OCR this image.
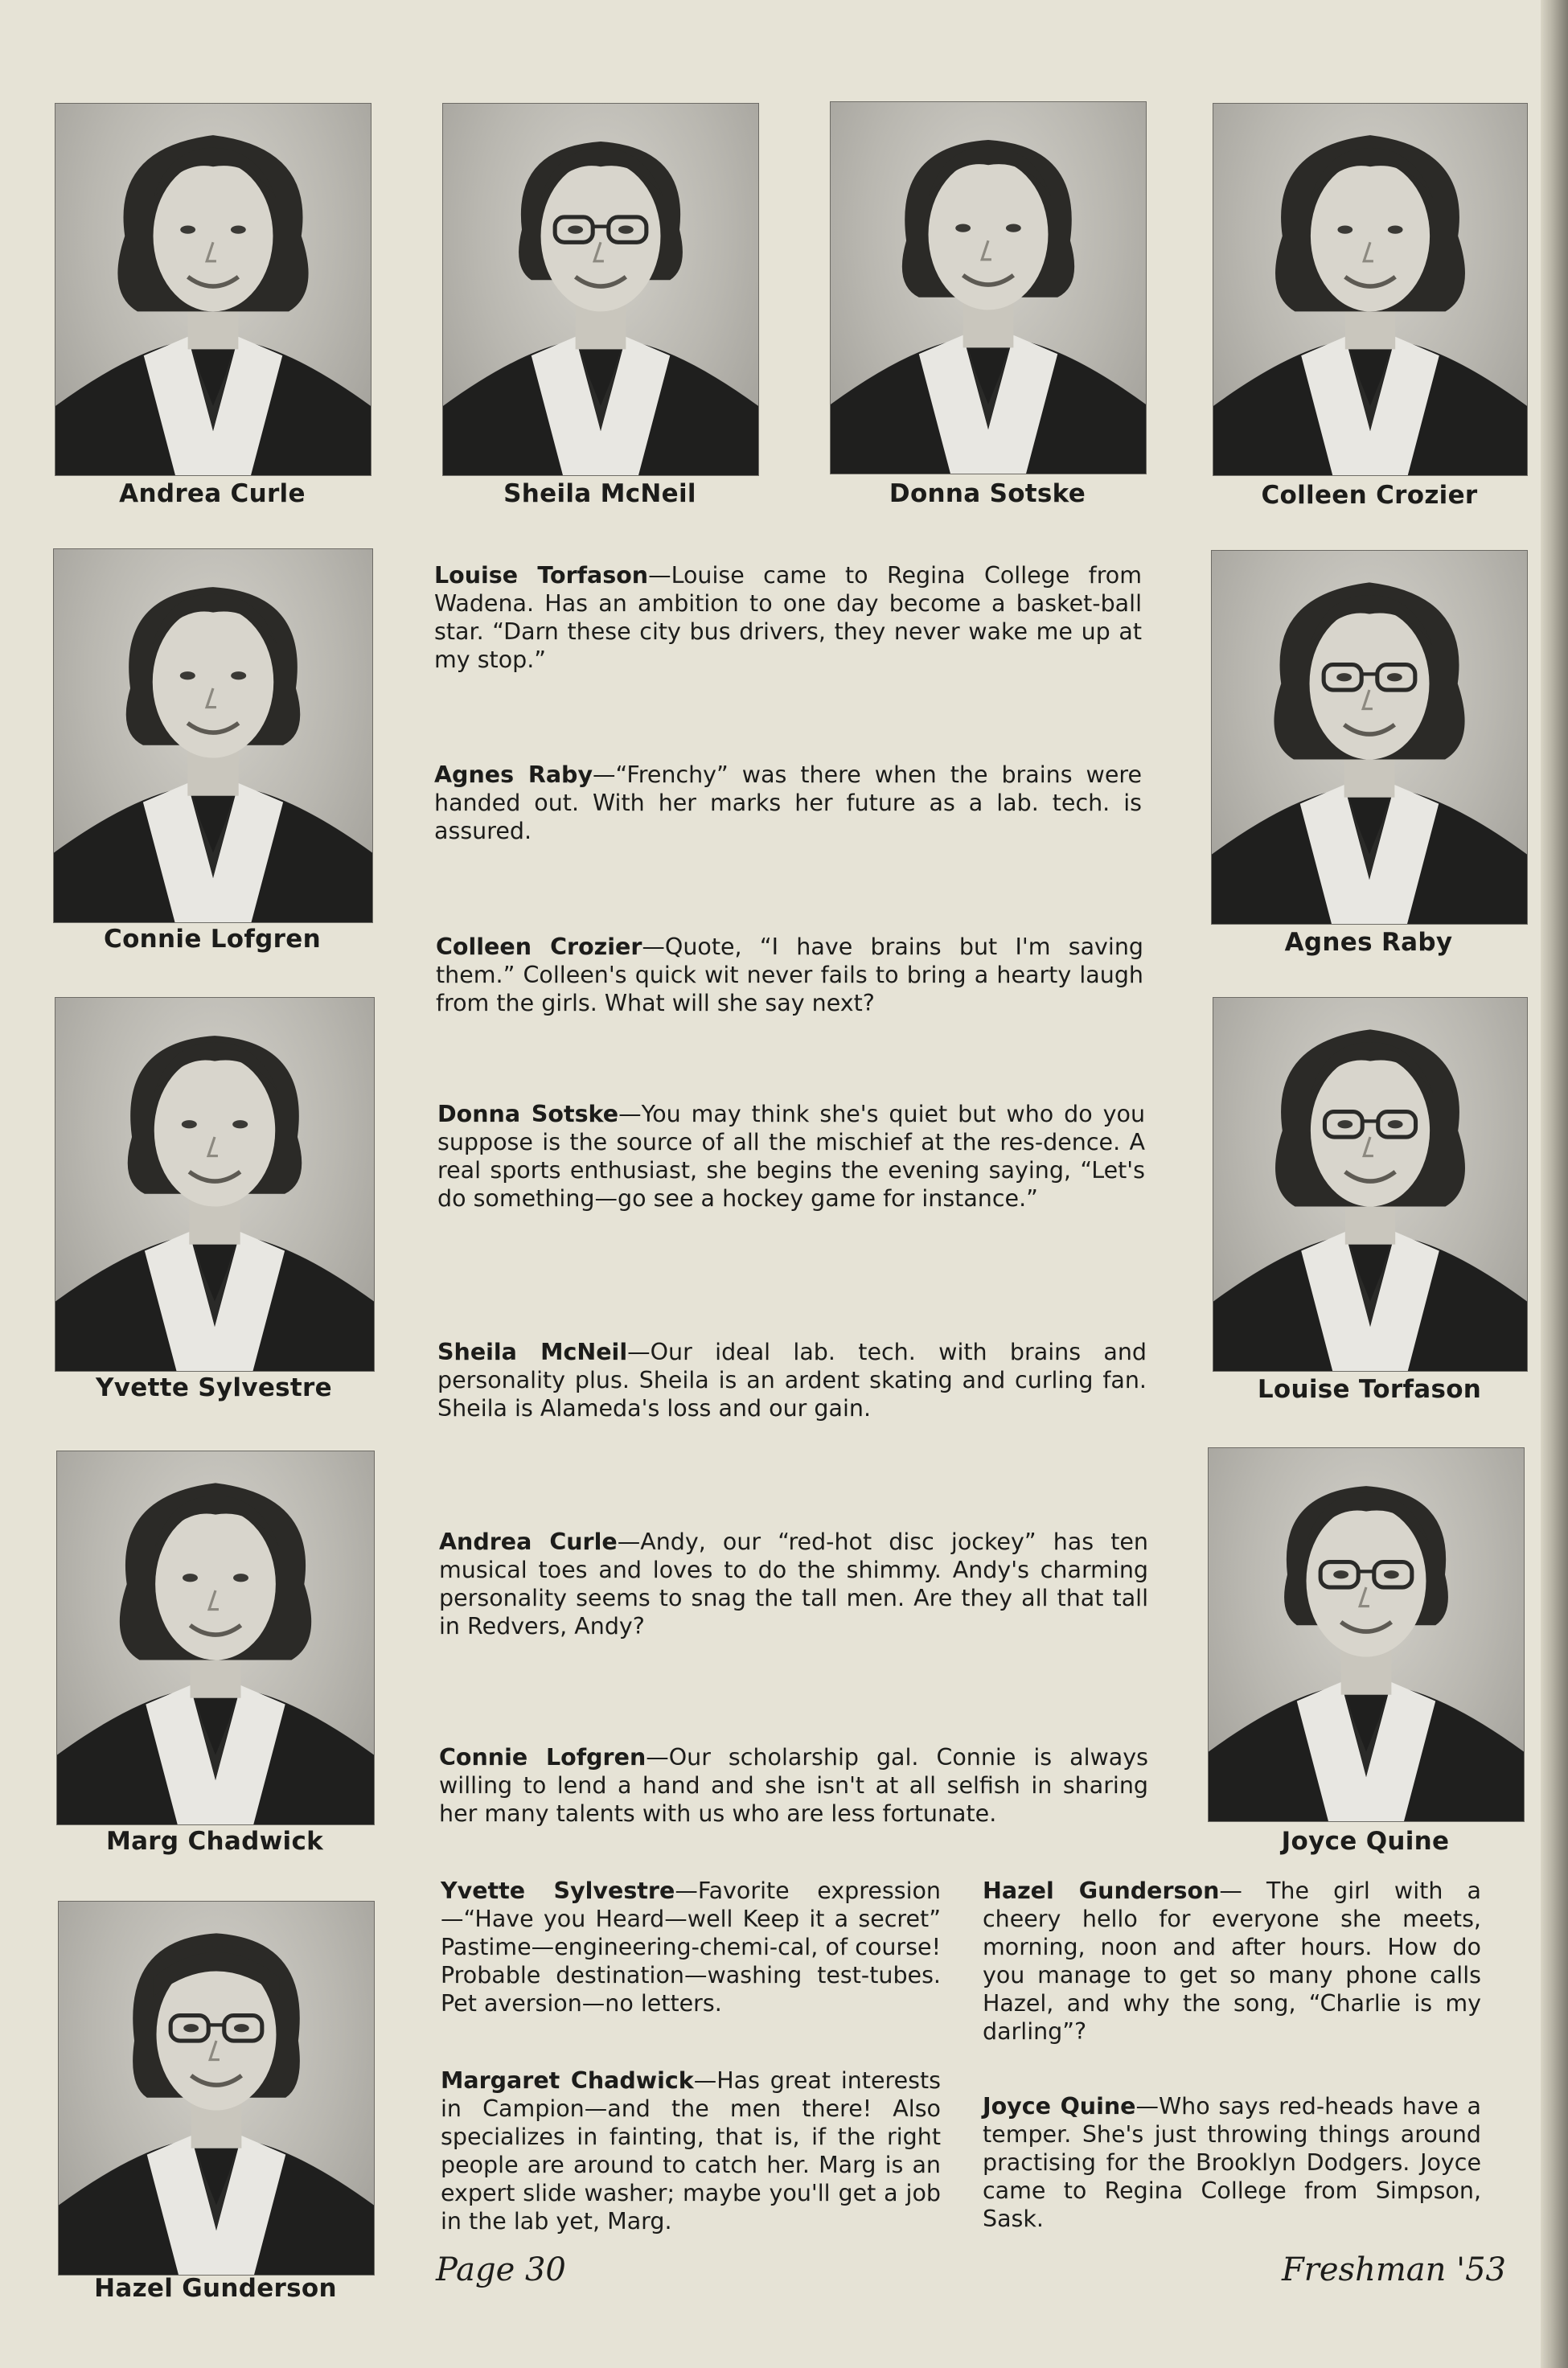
Andrea Curle	Sheila McNeil	Donna Sotske	Colleen Crozier
Connie Lofgren
Yvette Sylvestre
Marg Chadwick
Hazel Gunderson
Agnes Raby
Louise Torfason
Joyce Quine

Louise Torfason—Louise came to Regina College from Wadena. Has an ambition to one day become a basket-ball star. “Darn these city bus drivers, they never wake me up at my stop.”

Agnes Raby—“Frenchy” was there when the brains were handed out. With her marks her future as a lab. tech. is assured.

Colleen Crozier—Quote, “I have brains but I'm saving them.” Colleen's quick wit never fails to bring a hearty laugh from the girls. What will she say next?

Donna Sotske—You may think she's quiet but who do you suppose is the source of all the mischief at the res-dence. A real sports enthusiast, she begins the evening saying, “Let's do something—go see a hockey game for instance.”

Sheila McNeil—Our ideal lab. tech. with brains and personality plus. Sheila is an ardent skating and curling fan. Sheila is Alameda's loss and our gain.

Andrea Curle—Andy, our “red-hot disc jockey” has ten musical toes and loves to do the shimmy. Andy's charming personality seems to snag the tall men. Are they all that tall in Redvers, Andy?

Connie Lofgren—Our scholarship gal. Connie is always willing to lend a hand and she isn't at all selfish in sharing her many talents with us who are less fortunate.

Yvette Sylvestre—Favorite expression—“Have you Heard—well Keep it a secret” Pastime—engineering-chemi-cal, of course! Probable destination—washing test-tubes. Pet aversion—no letters.

Margaret Chadwick—Has great interests in Campion—and the men there! Also specializes in fainting, that is, if the right people are around to catch her. Marg is an expert slide washer; maybe you'll get a job in the lab yet, Marg.

Hazel Gunderson— The girl with a cheery hello for everyone she meets, morning, noon and after hours. How do you manage to get so many phone calls Hazel, and why the song, “Charlie is my darling”?

Joyce Quine—Who says red-heads have a temper. She's just throwing things around practising for the Brooklyn Dodgers. Joyce came to Regina College from Simpson, Sask.

Page 30	Freshman '53
